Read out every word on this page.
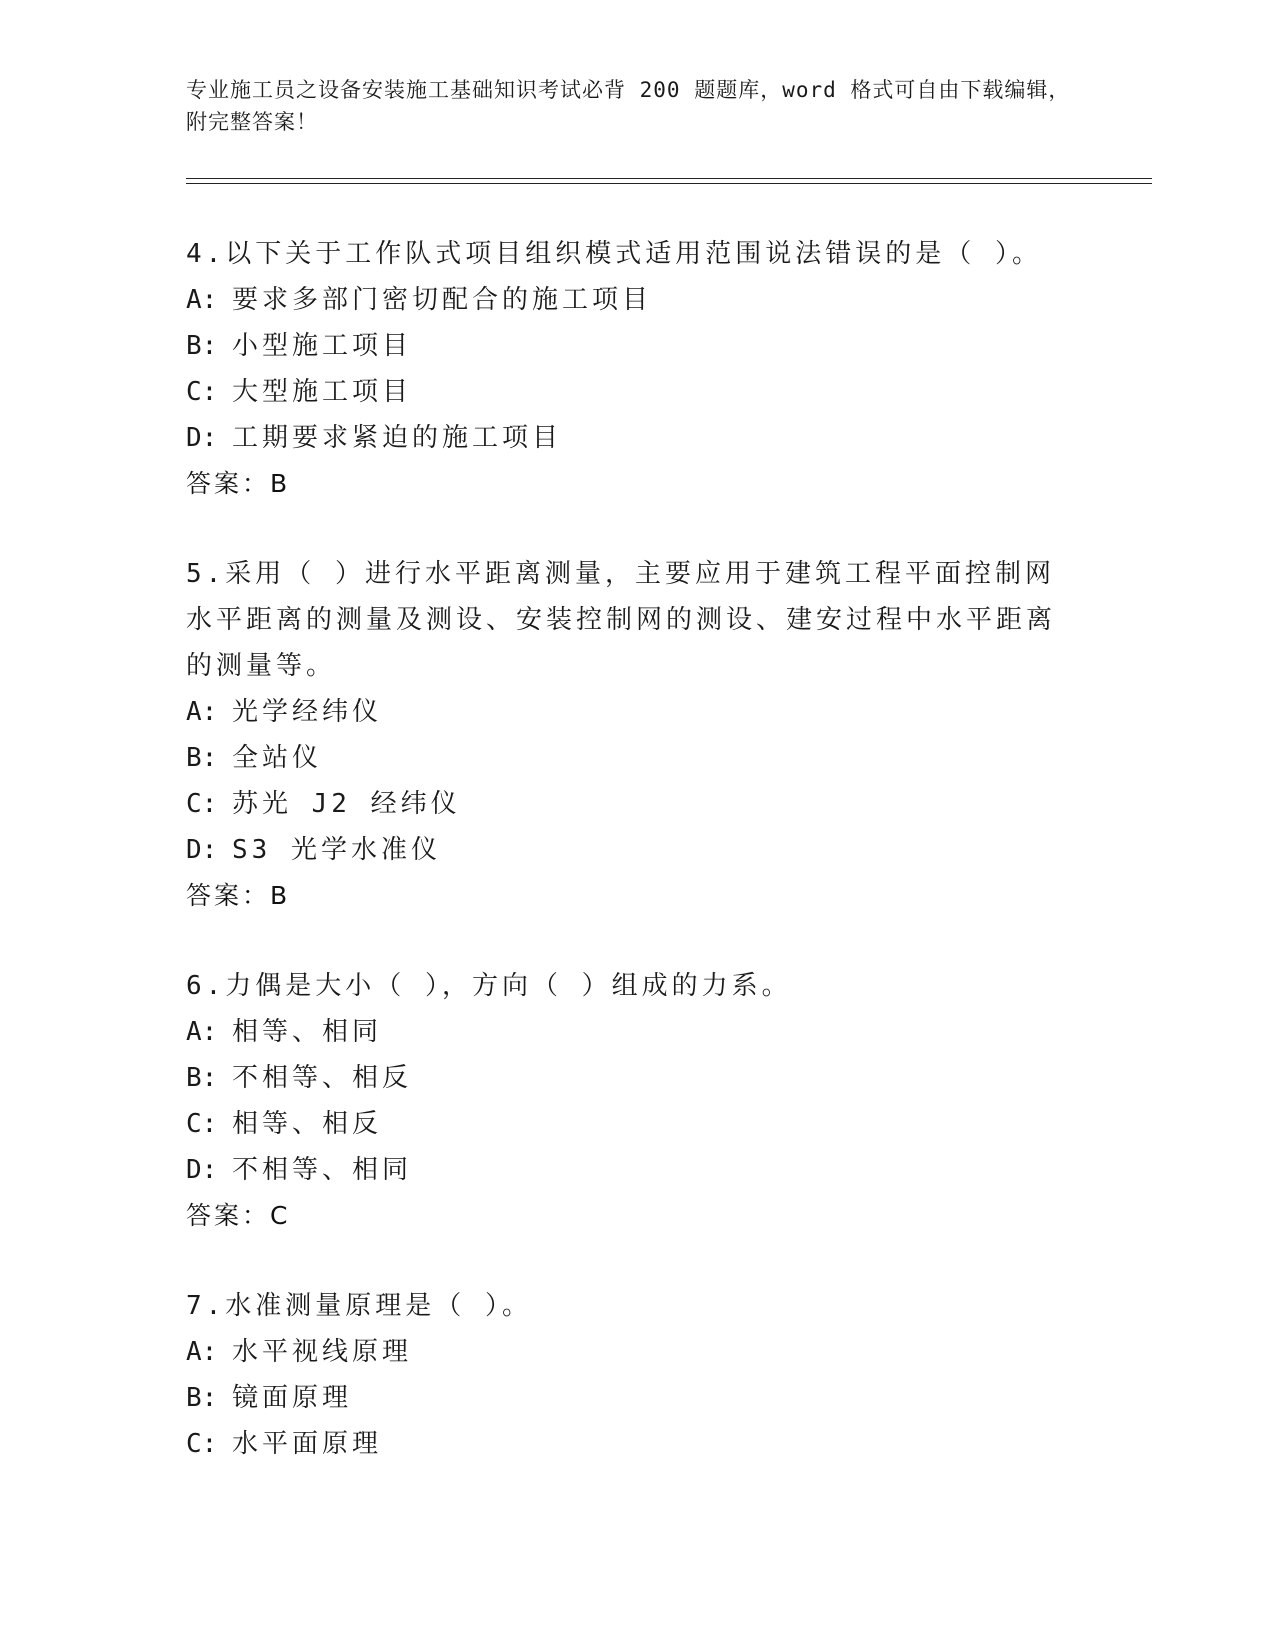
专业施工员之设备安装施工基础知识考试必背 200 题题库，word 格式可自由下载编辑，附完整答案！
4.以下关于工作队式项目组织模式适用范围说法错误的是（ ）。
A: 要求多部门密切配合的施工项目
B: 小型施工项目
C: 大型施工项目
D: 工期要求紧迫的施工项目
答案：B
5.采用（ ）进行水平距离测量，主要应用于建筑工程平面控制网水平距离的测量及测设、安装控制网的测设、建安过程中水平距离的测量等。
A: 光学经纬仪
B: 全站仪
C: 苏光 J2 经纬仪
D: S3 光学水准仪
答案：B
6.力偶是大小（ ），方向（ ）组成的力系。
A: 相等、相同
B: 不相等、相反
C: 相等、相反
D: 不相等、相同
答案：C
7.水准测量原理是（ ）。
A: 水平视线原理
B: 镜面原理
C: 水平面原理
